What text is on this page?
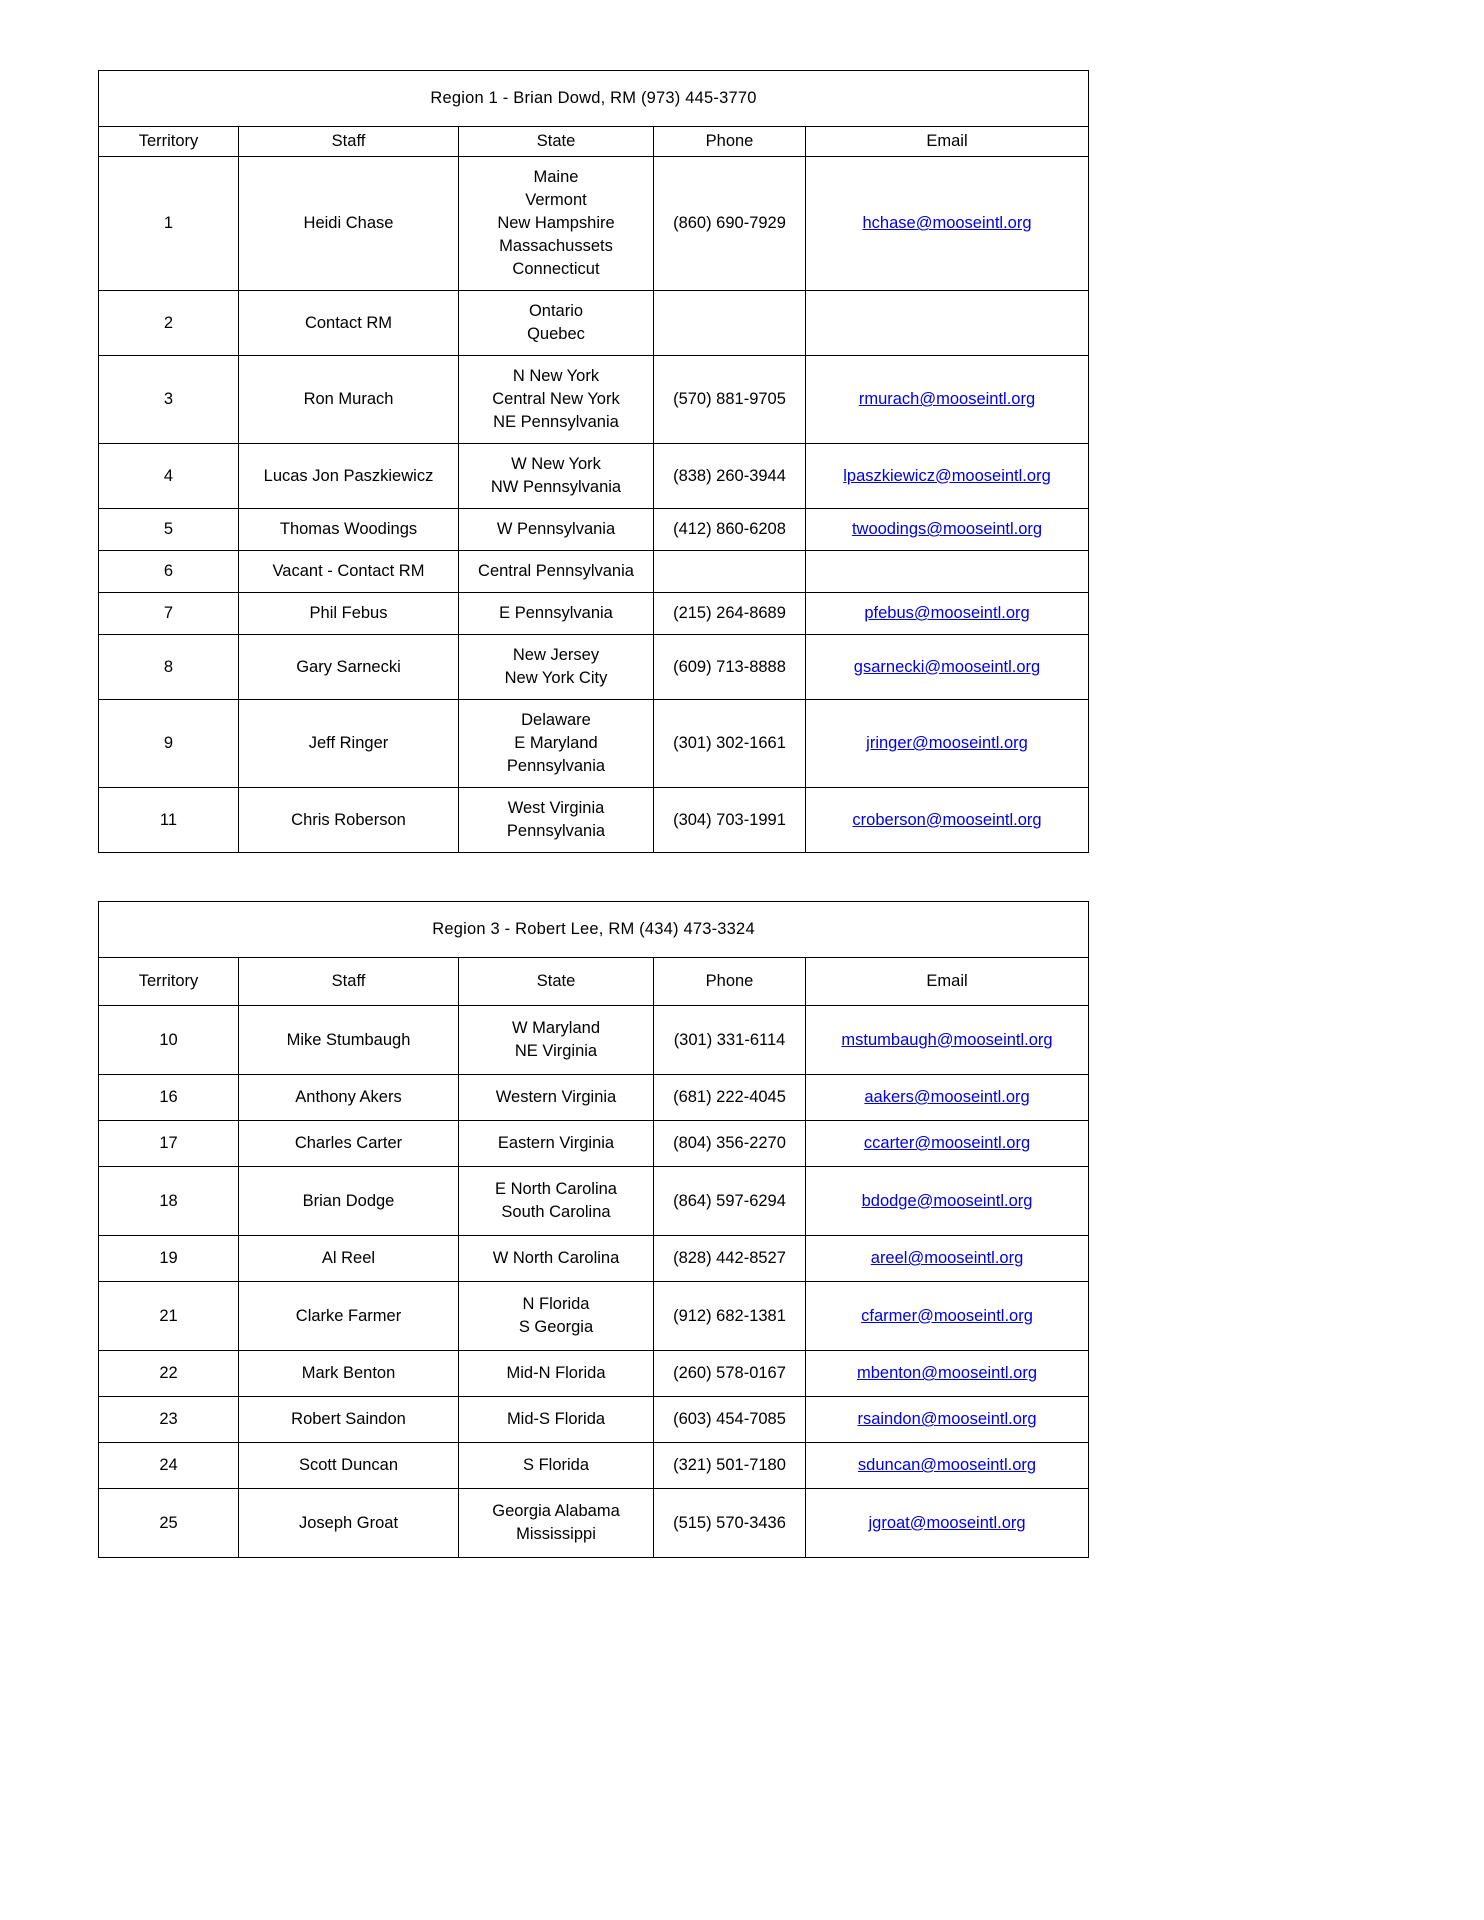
Region 1 - Brian Dowd, RM (973) 445-3770				
Territory	Staff	State	Phone	Email
1	Heidi Chase	Maine
Vermont
New Hampshire
Massachussets
Connecticut	(860) 690-7929	hchase@mooseintl.org
2	Contact RM	Ontario
Quebec		
3	Ron Murach	N New York
Central New York
NE Pennsylvania	(570) 881-9705	rmurach@mooseintl.org
4	Lucas Jon Paszkiewicz	W New York
NW Pennsylvania	(838) 260-3944	lpaszkiewicz@mooseintl.org
5	Thomas Woodings	W Pennsylvania	(412) 860-6208	twoodings@mooseintl.org
6	Vacant - Contact RM	Central Pennsylvania		
7	Phil Febus	E Pennsylvania	(215) 264-8689	pfebus@mooseintl.org
8	Gary Sarnecki	New Jersey
New York City	(609) 713-8888	gsarnecki@mooseintl.org
9	Jeff Ringer	Delaware
E Maryland Pennsylvania	(301) 302-1661	jringer@mooseintl.org
11	Chris Roberson	West Virginia
Pennsylvania	(304) 703-1991	croberson@mooseintl.org
Region 3 - Robert Lee, RM (434) 473-3324				
Territory	Staff	State	Phone	Email
10	Mike Stumbaugh	W Maryland
NE Virginia	(301) 331-6114	mstumbaugh@mooseintl.org
16	Anthony Akers	Western Virginia	(681) 222-4045	aakers@mooseintl.org
17	Charles Carter	Eastern Virginia	(804) 356-2270	ccarter@mooseintl.org
18	Brian Dodge	E North Carolina
South Carolina	(864) 597-6294	bdodge@mooseintl.org
19	Al Reel	W North Carolina	(828) 442-8527	areel@mooseintl.org
21	Clarke Farmer	N Florida
S Georgia	(912) 682-1381	cfarmer@mooseintl.org
22	Mark Benton	Mid-N Florida	(260) 578-0167	mbenton@mooseintl.org
23	Robert Saindon	Mid-S Florida	(603) 454-7085	rsaindon@mooseintl.org
24	Scott Duncan	S Florida	(321) 501-7180	sduncan@mooseintl.org
25	Joseph Groat	Georgia Alabama
Mississippi	(515) 570-3436	jgroat@mooseintl.org
